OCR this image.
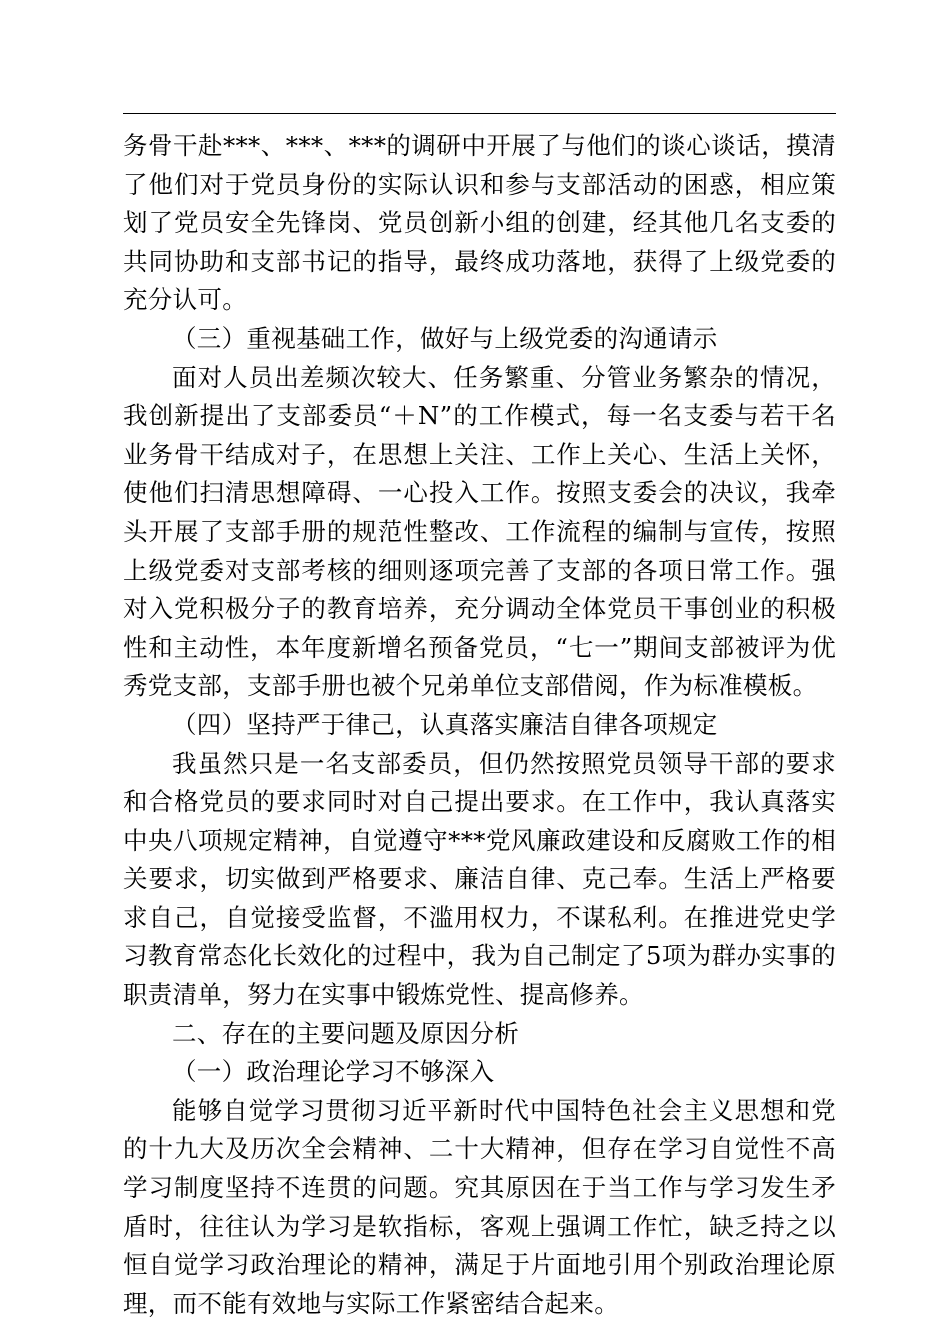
务骨干赴***、***、***的调研中开展了与他们的谈心谈话，摸清了他们对于党员身份的实际认识和参与支部活动的困惑，相应策划了党员安全先锋岗、党员创新小组的创建，经其他几名支委的共同协助和支部书记的指导，最终成功落地，获得了上级党委的充分认可。

（三）重视基础工作，做好与上级党委的沟通请示

面对人员出差频次较大、任务繁重、分管业务繁杂的情况，我创新提出了支部委员“＋N”的工作模式，每一名支委与若干名业务骨干结成对子，在思想上关注、工作上关心、生活上关怀，使他们扫清思想障碍、一心投入工作。按照支委会的决议，我牵头开展了支部手册的规范性整改、工作流程的编制与宣传，按照上级党委对支部考核的细则逐项完善了支部的各项日常工作。强对入党积极分子的教育培养，充分调动全体党员干事创业的积极性和主动性，本年度新增名预备党员，“七一”期间支部被评为优秀党支部，支部手册也被个兄弟单位支部借阅，作为标准模板。

（四）坚持严于律己，认真落实廉洁自律各项规定

我虽然只是一名支部委员，但仍然按照党员领导干部的要求和合格党员的要求同时对自己提出要求。在工作中，我认真落实中央八项规定精神，自觉遵守***党风廉政建设和反腐败工作的相关要求，切实做到严格要求、廉洁自律、克己奉。生活上严格要求自己，自觉接受监督，不滥用权力，不谋私利。在推进党史学习教育常态化长效化的过程中，我为自己制定了5项为群办实事的职责清单，努力在实事中锻炼党性、提高修养。

二、存在的主要问题及原因分析

（一）政治理论学习不够深入

能够自觉学习贯彻习近平新时代中国特色社会主义思想和党的十九大及历次全会精神、二十大精神，但存在学习自觉性不高学习制度坚持不连贯的问题。究其原因在于当工作与学习发生矛盾时，往往认为学习是软指标，客观上强调工作忙，缺乏持之以恒自觉学习政治理论的精神，满足于片面地引用个别政治理论原理，而不能有效地与实际工作紧密结合起来。
